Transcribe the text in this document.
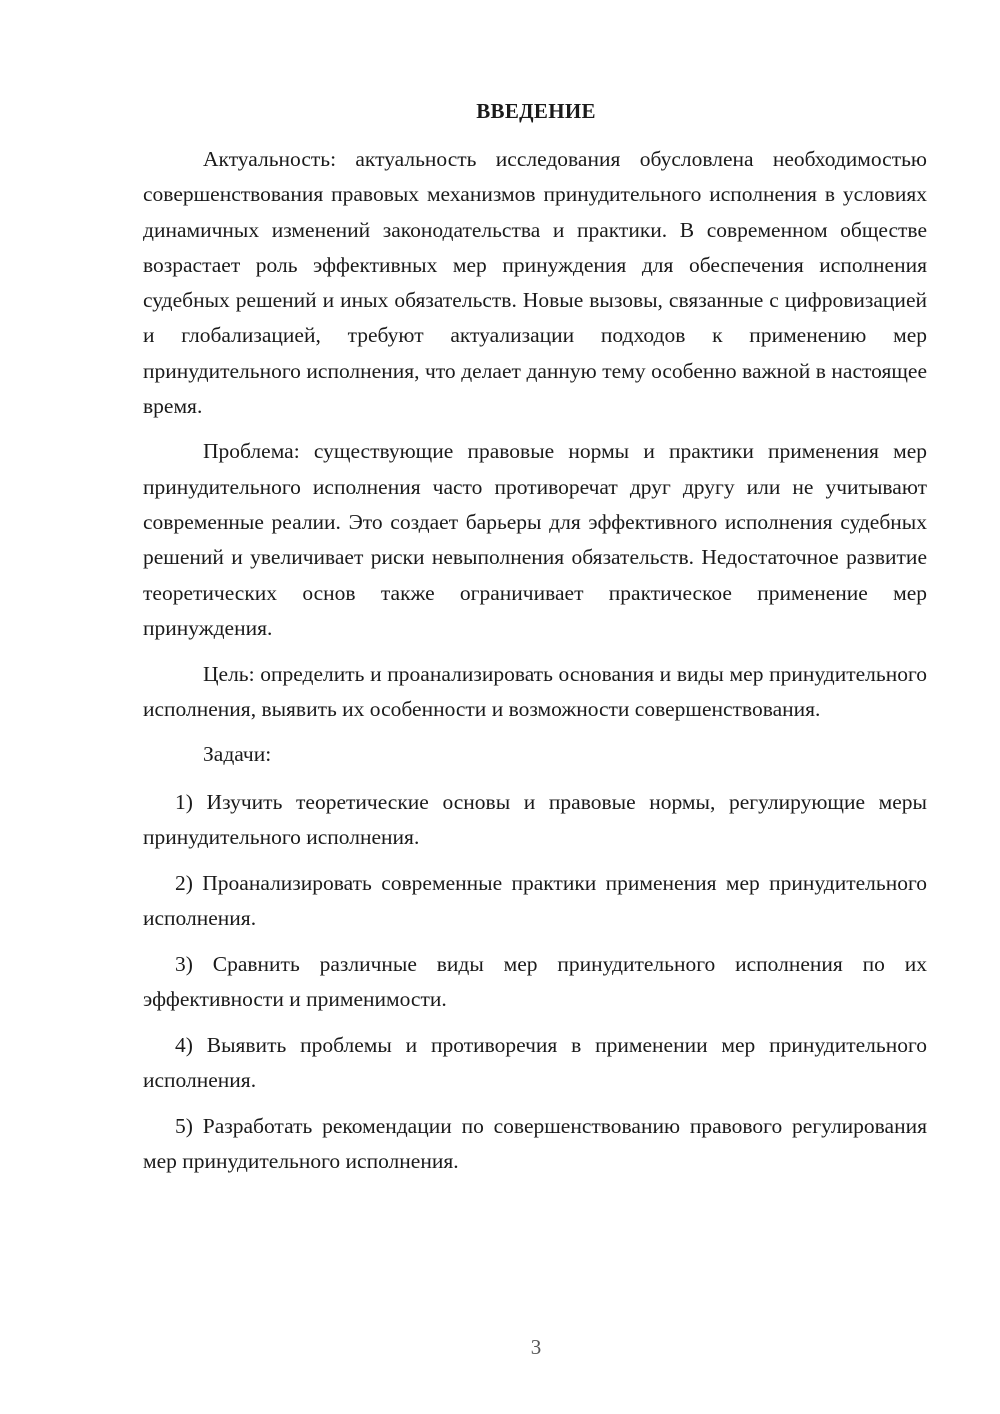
ВВЕДЕНИЕ

Актуальность: актуальность исследования обусловлена необходимостью совершенствования правовых механизмов принудительного исполнения в условиях динамичных изменений законодательства и практики. В современном обществе возрастает роль эффективных мер принуждения для обеспечения исполнения судебных решений и иных обязательств. Новые вызовы, связанные с цифровизацией и глобализацией, требуют актуализации подходов к применению мер принудительного исполнения, что делает данную тему особенно важной в настоящее время.

Проблема: существующие правовые нормы и практики применения мер принудительного исполнения часто противоречат друг другу или не учитывают современные реалии. Это создает барьеры для эффективного исполнения судебных решений и увеличивает риски невыполнения обязательств. Недостаточное развитие теоретических основ также ограничивает практическое применение мер принуждения.

Цель: определить и проанализировать основания и виды мер принудительного исполнения, выявить их особенности и возможности совершенствования.

Задачи:

1) Изучить теоретические основы и правовые нормы, регулирующие меры принудительного исполнения.

2) Проанализировать современные практики применения мер принудительного исполнения.

3) Сравнить различные виды мер принудительного исполнения по их эффективности и применимости.

4) Выявить проблемы и противоречия в применении мер принудительного исполнения.

5) Разработать рекомендации по совершенствованию правового регулирования мер принудительного исполнения.

3
